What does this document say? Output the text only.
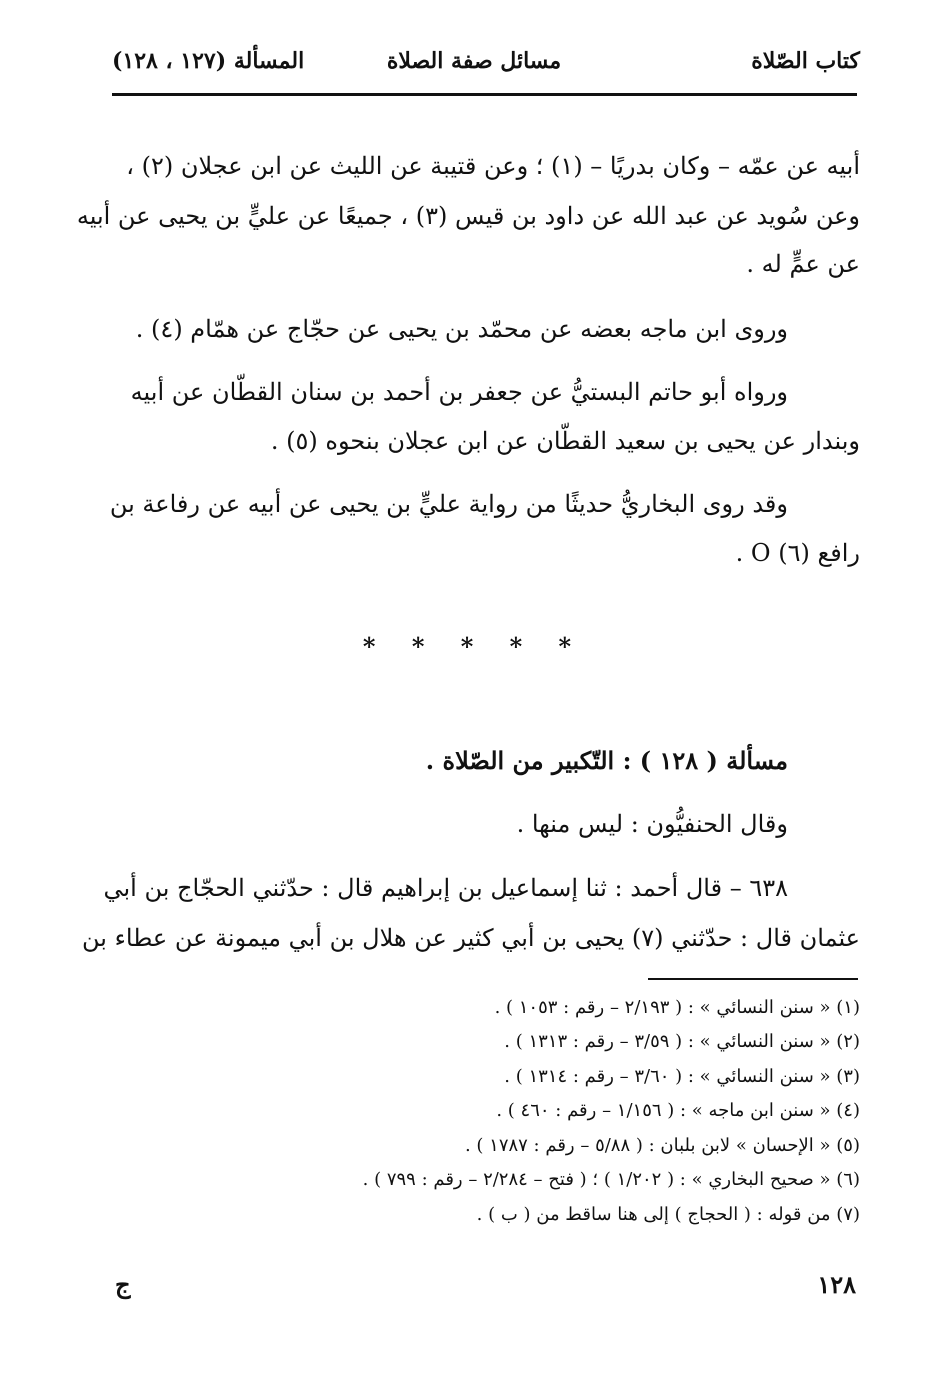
كتاب الصّلاة
مسائل صفة الصلاة
المسألة (١٢٧ ، ١٢٨)
أبيه عن عمّه – وكان بدريًا – (١) ؛ وعن قتيبة عن الليث عن ابن عجلان (٢) ،
وعن سُويد عن عبد الله عن داود بن قيس (٣) ، جميعًا عن عليٍّ بن يحيى عن أبيه
عن عمٍّ له .
وروى ابن ماجه بعضه عن محمّد بن يحيى عن حجّاج عن همّام (٤) .
ورواه أبو حاتم البستيُّ عن جعفر بن أحمد بن سنان القطّان عن أبيه
وبندار عن يحيى بن سعيد القطّان عن ابن عجلان بنحوه (٥) .
وقد روى البخاريُّ حديثًا من رواية عليٍّ بن يحيى عن أبيه عن رفاعة بن
رافع (٦) O .
* * * * *
مسألة ( ١٢٨ ) : التّكبير من الصّلاة .
وقال الحنفيُّون : ليس منها .
٦٣٨ – قال أحمد : ثنا إسماعيل بن إبراهيم قال : حدّثني الحجّاج بن أبي
عثمان قال : حدّثني (٧) يحيى بن أبي كثير عن هلال بن أبي ميمونة عن عطاء بن
(١) « سنن النسائي » : ( ٢/١٩٣ – رقم : ١٠٥٣ ) .
(٢) « سنن النسائي » : ( ٣/٥٩ – رقم : ١٣١٣ ) .
(٣) « سنن النسائي » : ( ٣/٦٠ – رقم : ١٣١٤ ) .
(٤) « سنن ابن ماجه » : ( ١/١٥٦ – رقم : ٤٦٠ ) .
(٥) « الإحسان » لابن بلبان : ( ٥/٨٨ – رقم : ١٧٨٧ ) .
(٦) « صحيح البخاري » : ( ١/٢٠٢ ) ؛ ( فتح – ٢/٢٨٤ – رقم : ٧٩٩ ) .
(٧) من قوله : ( الحجاج ) إلى هنا ساقط من ( ب ) .
١٢٨
ج
